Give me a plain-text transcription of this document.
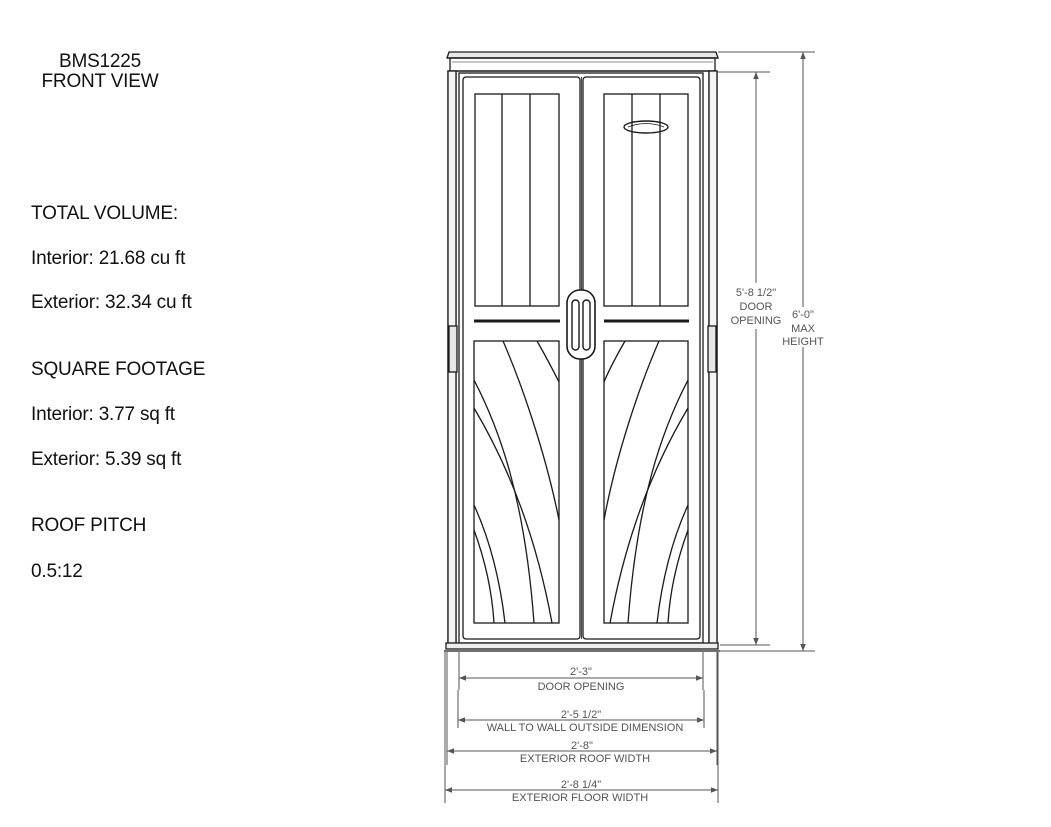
BMS1225
FRONT VIEW
TOTAL VOLUME:
Interior: 21.68 cu ft
Exterior: 32.34 cu ft
SQUARE FOOTAGE
Interior: 3.77 sq ft
Exterior: 5.39 sq ft
ROOF PITCH
0.5:12
5'-8 1/2"
DOOR
OPENING 6'-0"
MAX
HEIGHT
2'-3"
DOOR OPENING
2'-5 1/2"
WALL TO WALL OUTSIDE DIMENSION
2'-8"
EXTERIOR ROOF WIDTH
2'-8 1/4"
EXTERIOR FLOOR WIDTH
